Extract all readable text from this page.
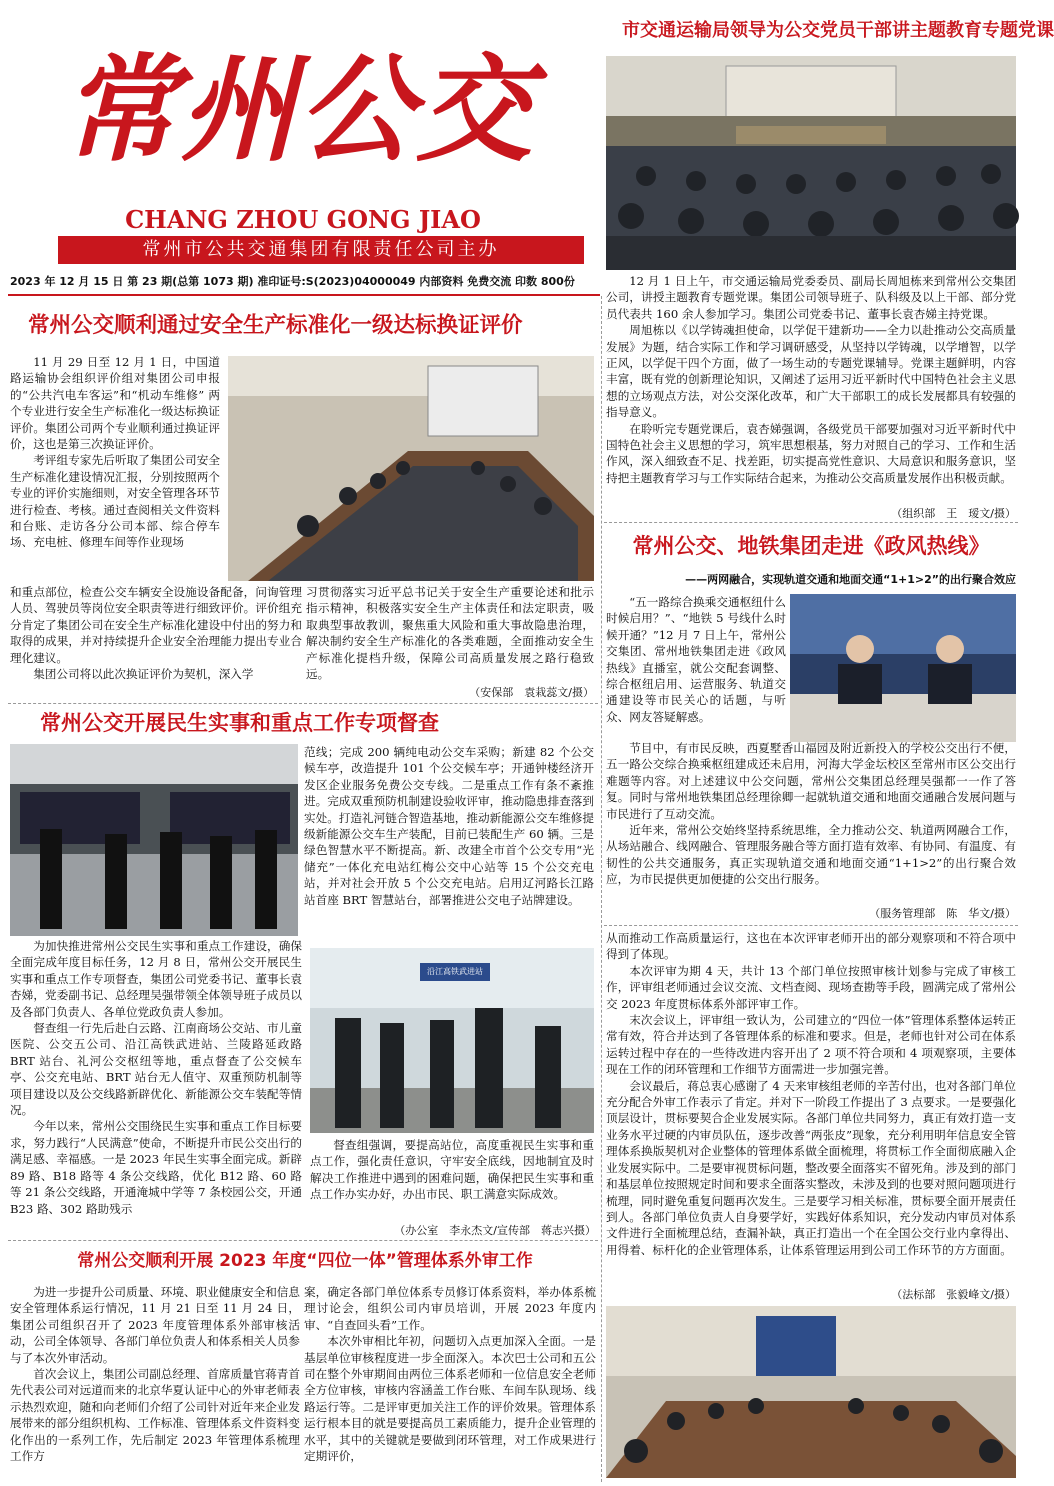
常州公交
CHANG ZHOU GONG JIAO
常州市公共交通集团有限责任公司主办
2023 年 12 月 15 日 第 23 期(总第 1073 期) 准印证号:S(2023)04000049 内部资料 免费交流 印数 800份
市交通运输局领导为公交党员干部讲主题教育专题党课

12 月 1 日上午，市交通运输局党委委员、副局长周旭栋来到常州公交集团公司，讲授主题教育专题党课。集团公司领导班子、队科级及以上干部、部分党员代表共 160 余人参加学习。集团公司党委书记、董事长袁杏娣主持党课。

周旭栋以《以学铸魂担使命，以学促干建新功——全力以赴推动公交高质量发展》为题，结合实际工作和学习调研感受，从坚持以学铸魂，以学增智，以学正风，以学促干四个方面，做了一场生动的专题党课辅导。党课主题鲜明，内容丰富，既有党的创新理论知识，又阐述了运用习近平新时代中国特色社会主义思想的立场观点方法，对公交深化改革，和广大干部职工的成长发展都具有较强的指导意义。

在聆听完专题党课后，袁杏娣强调，各级党员干部要加强对习近平新时代中国特色社会主义思想的学习，筑牢思想根基，努力对照自己的学习、工作和生活作风，深入细致查不足、找差距，切实提高党性意识、大局意识和服务意识，坚持把主题教育学习与工作实际结合起来，为推动公交高质量发展作出积极贡献。

（组织部　王　瑷文/摄）
常州公交顺利通过安全生产标准化一级达标换证评价

11 月 29 日至 12 月 1 日，中国道路运输协会组织评价组对集团公司申报的“公共汽电车客运”和“机动车维修” 两个专业进行安全生产标准化一级达标换证评价。集团公司两个专业顺利通过换证评价，这也是第三次换证评价。

考评组专家先后听取了集团公司安全生产标准化建设情况汇报，分别按照两个专业的评价实施细则，对安全管理各环节进行检查、考核。通过查阅相关文件资料和台账、走访各分公司本部、综合停车场、充电桩、修理车间等作业现场

和重点部位，检查公交车辆安全设施设备配备，问询管理人员、驾驶员等岗位安全职责等进行细致评价。评价组充分肯定了集团公司在安全生产标准化建设中付出的努力和取得的成果，并对持续提升企业安全治理能力提出专业合理化建议。

集团公司将以此次换证评价为契机，深入学

习贯彻落实习近平总书记关于安全生产重要论述和批示指示精神，积极落实安全生产主体责任和法定职责，吸取典型事故教训，聚焦重大风险和重大事故隐患治理，解决制约安全生产标准化的各类难题，全面推动安全生产标准化提档升级，保障公司高质量发展之路行稳致远。

（安保部　袁栽蕊文/摄）
常州公交开展民生实事和重点工作专项督查
范线；完成 200 辆纯电动公交车采购；新建 82 个公交候车亭，改造提升 101 个公交候车亭；开通钟楼经济开发区企业服务免费公交专线。二是重点工作有条不紊推进。完成双重预防机制建设验收评审，推动隐患排查落到实处。打造礼河链合智造基地，推动新能源公交车维修提级新能源公交车生产装配，目前已装配生产 60 辆。三是绿色智慧水平不断提高。新、改建全市首个公交专用“光储充”一体化充电站红梅公交中心站等 15 个公交充电站，并对社会开放 5 个公交充电站。启用辽河路长江路站首座 BRT 智慧站台，部署推进公交电子站牌建设。

为加快推进常州公交民生实事和重点工作建设，确保全面完成年度目标任务，12 月 8 日，常州公交开展民生实事和重点工作专项督查，集团公司党委书记、董事长袁杏娣，党委副书记、总经理吴强带领全体领导班子成员以及各部门负责人、各单位党政负责人参加。

督查组一行先后赴白云路、江南商场公交站、市儿童医院、公交五公司、沿江高铁武进站、兰陵路延政路 BRT 站台、礼河公交枢纽等地，重点督查了公交候车亭、公交充电站、BRT 站台无人值守、双重预防机制等项目建设以及公交线路新辟优化、新能源公交车装配等情况。

今年以来，常州公交围绕民生实事和重点工作目标要求，努力践行“人民满意”使命，不断提升市民公交出行的满足感、幸福感。一是 2023 年民生实事全面完成。新辟 89 路、B18 路等 4 条公交线路，优化 B12 路、60 路等 21 条公交线路，开通淹城中学等 7 条校园公交，开通 B23 路、302 路助残示

沿江高铁武进站
督查组强调，要提高站位，高度重视民生实事和重点工作，强化责任意识，守牢安全底线，因地制宜及时解决工作推进中遇到的困难问题，确保把民生实事和重点工作办实办好，办出市民、职工满意实际成效。
（办公室　李永杰文/宣传部　蒋志兴摄）
常州公交顺利开展 2023 年度“四位一体”管理体系外审工作

为进一步提升公司质量、环境、职业健康安全和信息安全管理体系运行情况，11 月 21 日至 11 月 24 日，集团公司组织召开了 2023 年度管理体系外部审核活动，公司全体领导、各部门单位负责人和体系相关人员参与了本次外审活动。

首次会议上，集团公司副总经理、首席质量官蒋青首先代表公司对远道而来的北京华夏认证中心的外审老师表示热烈欢迎，随和向老师们介绍了公司针对近年来企业发展带来的部分组织机构、工作标准、管理体系文件资料变化作出的一系列工作，先后制定 2023 年管理体系梳理工作方

案，确定各部门单位体系专员修订体系资料，举办体系梳理讨论会，组织公司内审员培训，开展 2023 年度内审、“自查回头看”工作。

本次外审相比年初，问题切入点更加深入全面。一是基层单位审核程度进一步全面深入。本次巴士公司和五公司在整个外审期间由两位三体系老师和一位信息安全老师全方位审核，审核内容涵盖工作台账、车间车队现场、线路运行等。二是评审更加关注工作的评价效果。管理体系运行根本目的就是要提高员工素质能力，提升企业管理的水平，其中的关键就是要做到闭环管理，对工作成果进行定期评价，

从而推动工作高质量运行，这也在本次评审老师开出的部分观察项和不符合项中得到了体现。

本次评审为期 4 天，共计 13 个部门单位按照审核计划参与完成了审核工作，评审组老师通过会议交流、文档查阅、现场查勘等手段，圆满完成了常州公交 2023 年度贯标体系外部评审工作。

末次会议上，评审组一致认为，公司建立的“四位一体”管理体系整体运转正常有效，符合并达到了各管理体系的标准和要求。但是，老师也针对公司在体系运转过程中存在的一些待改进内容开出了 2 项不符合项和 4 项观察项，主要体现在工作的闭环管理和工作细节方面需进一步加强完善。

会议最后，蒋总衷心感谢了 4 天来审核组老师的辛苦付出，也对各部门单位充分配合外审工作表示了肯定。并对下一阶段工作提出了 3 点要求。一是要强化顶层设计，贯标要契合企业发展实际。各部门单位共同努力，真正有效打造一支业务水平过硬的内审员队伍，逐步改善“两张皮”现象，充分利用明年信息安全管理体系换版契机对企业整体的管理体系做全面梳理，将贯标工作全面彻底融入企业发展实际中。二是要审视贯标问题，整改要全面落实不留死角。涉及到的部门和基层单位按照规定时间和要求全面落实整改，未涉及到的也要对照问题项进行梳理，同时避免重复问题再次发生。三是要学习相关标准，贯标要全面开展责任到人。各部门单位负责人自身要学好，实践好体系知识，充分发动内审员对体系文件进行全面梳理总结，查漏补缺，真正打造出一个在全国公交行业内拿得出、用得着、标杆化的企业管理体系，让体系管理运用到公司工作环节的方方面面。

（法标部　张毅峰文/摄）
常州公交、地铁集团走进《政风热线》
——两网融合，实现轨道交通和地面交通“1+1>2”的出行聚合效应
“五一路综合换乘交通枢纽什么时候启用？”、“地铁 5 号线什么时候开通？”12 月 7 日上午，常州公交集团、常州地铁集团走进《政风热线》直播室，就公交配套调整、综合枢纽启用、运营服务、轨道交通建设等市民关心的话题，与听众、网友答疑解惑。

节目中，有市民反映，西夏墅香山福园及附近新投入的学校公交出行不便，五一路公交综合换乘枢纽建成还未启用，河海大学金坛校区至常州市区公交出行难题等内容。对上述建议中公交问题，常州公交集团总经理吴强都一一作了答复。同时与常州地铁集团总经理徐卿一起就轨道交通和地面交通融合发展问题与市民进行了互动交流。

近年来，常州公交始终坚持系统思维，全力推动公交、轨道两网融合工作，从场站融合、线网融合、管理服务融合等方面打造有效率、有协同、有温度、有韧性的公共交通服务，真正实现轨道交通和地面交通“1+1>2”的出行聚合效应，为市民提供更加便捷的公交出行服务。

（服务管理部　陈　华文/摄）
